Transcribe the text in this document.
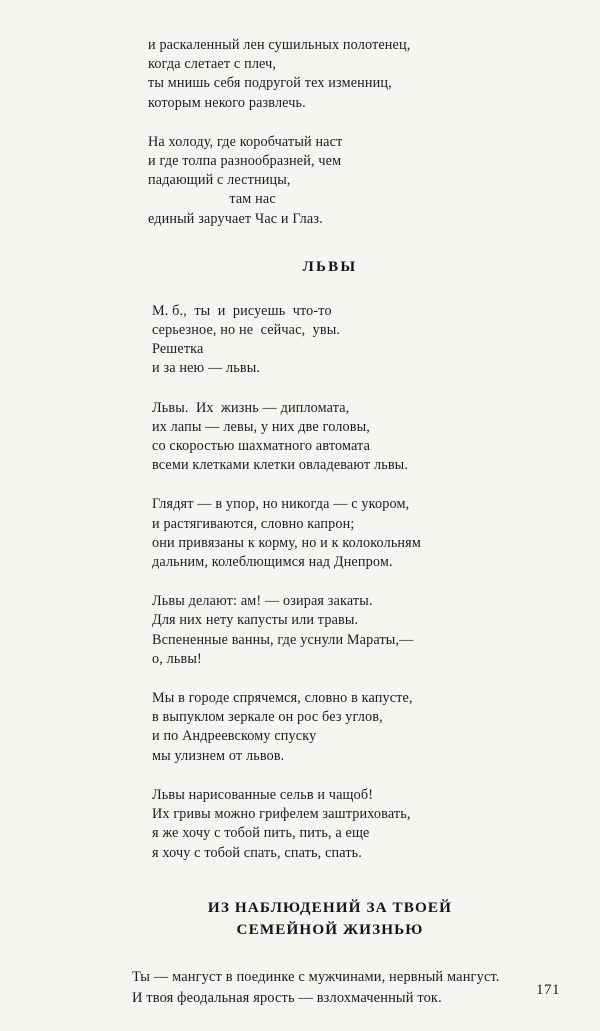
и раскаленный лен сушильных полотенец,
когда слетает с плеч,
ты мнишь себя подругой тех изменниц,
которым некого развлечь.
На холоду, где коробчатый наст
и где толпа разнообразней, чем
падающий с лестницы,
там нас
единый заручает Час и Глаз.
ЛЬВЫ
М. б.,  ты  и  рисуешь  что-то
серьезное, но не  сейчас,  увы.
Решетка
и за нею — львы.
Львы.  Их  жизнь — дипломата,
их лапы — левы, у них две головы,
со скоростью шахматного автомата
всеми клетками клетки овладевают львы.
Глядят — в упор, но никогда — с укором,
и растягиваются, словно капрон;
они привязаны к корму, но и к колокольням
дальним, колеблющимся над Днепром.
Львы делают: ам! — озирая закаты.
Для них нету капусты или травы.
Вспененные ванны, где уснули Мараты,—
о, львы!
Мы в городе спрячемся, словно в капусте,
в выпуклом зеркале он рос без углов,
и по Андреевскому спуску
мы улизнем от львов.
Львы нарисованные сельв и чащоб!
Их гривы можно грифелем заштриховать,
я же хочу с тобой пить, пить, а еще
я хочу с тобой спать, спать, спать.
ИЗ НАБЛЮДЕНИЙ ЗА ТВОЕЙ
СЕМЕЙНОЙ ЖИЗНЬЮ
Ты — мангуст в поединке с мужчинами, нервный мангуст.
И твоя феодальная ярость — взлохмаченный ток.	171
